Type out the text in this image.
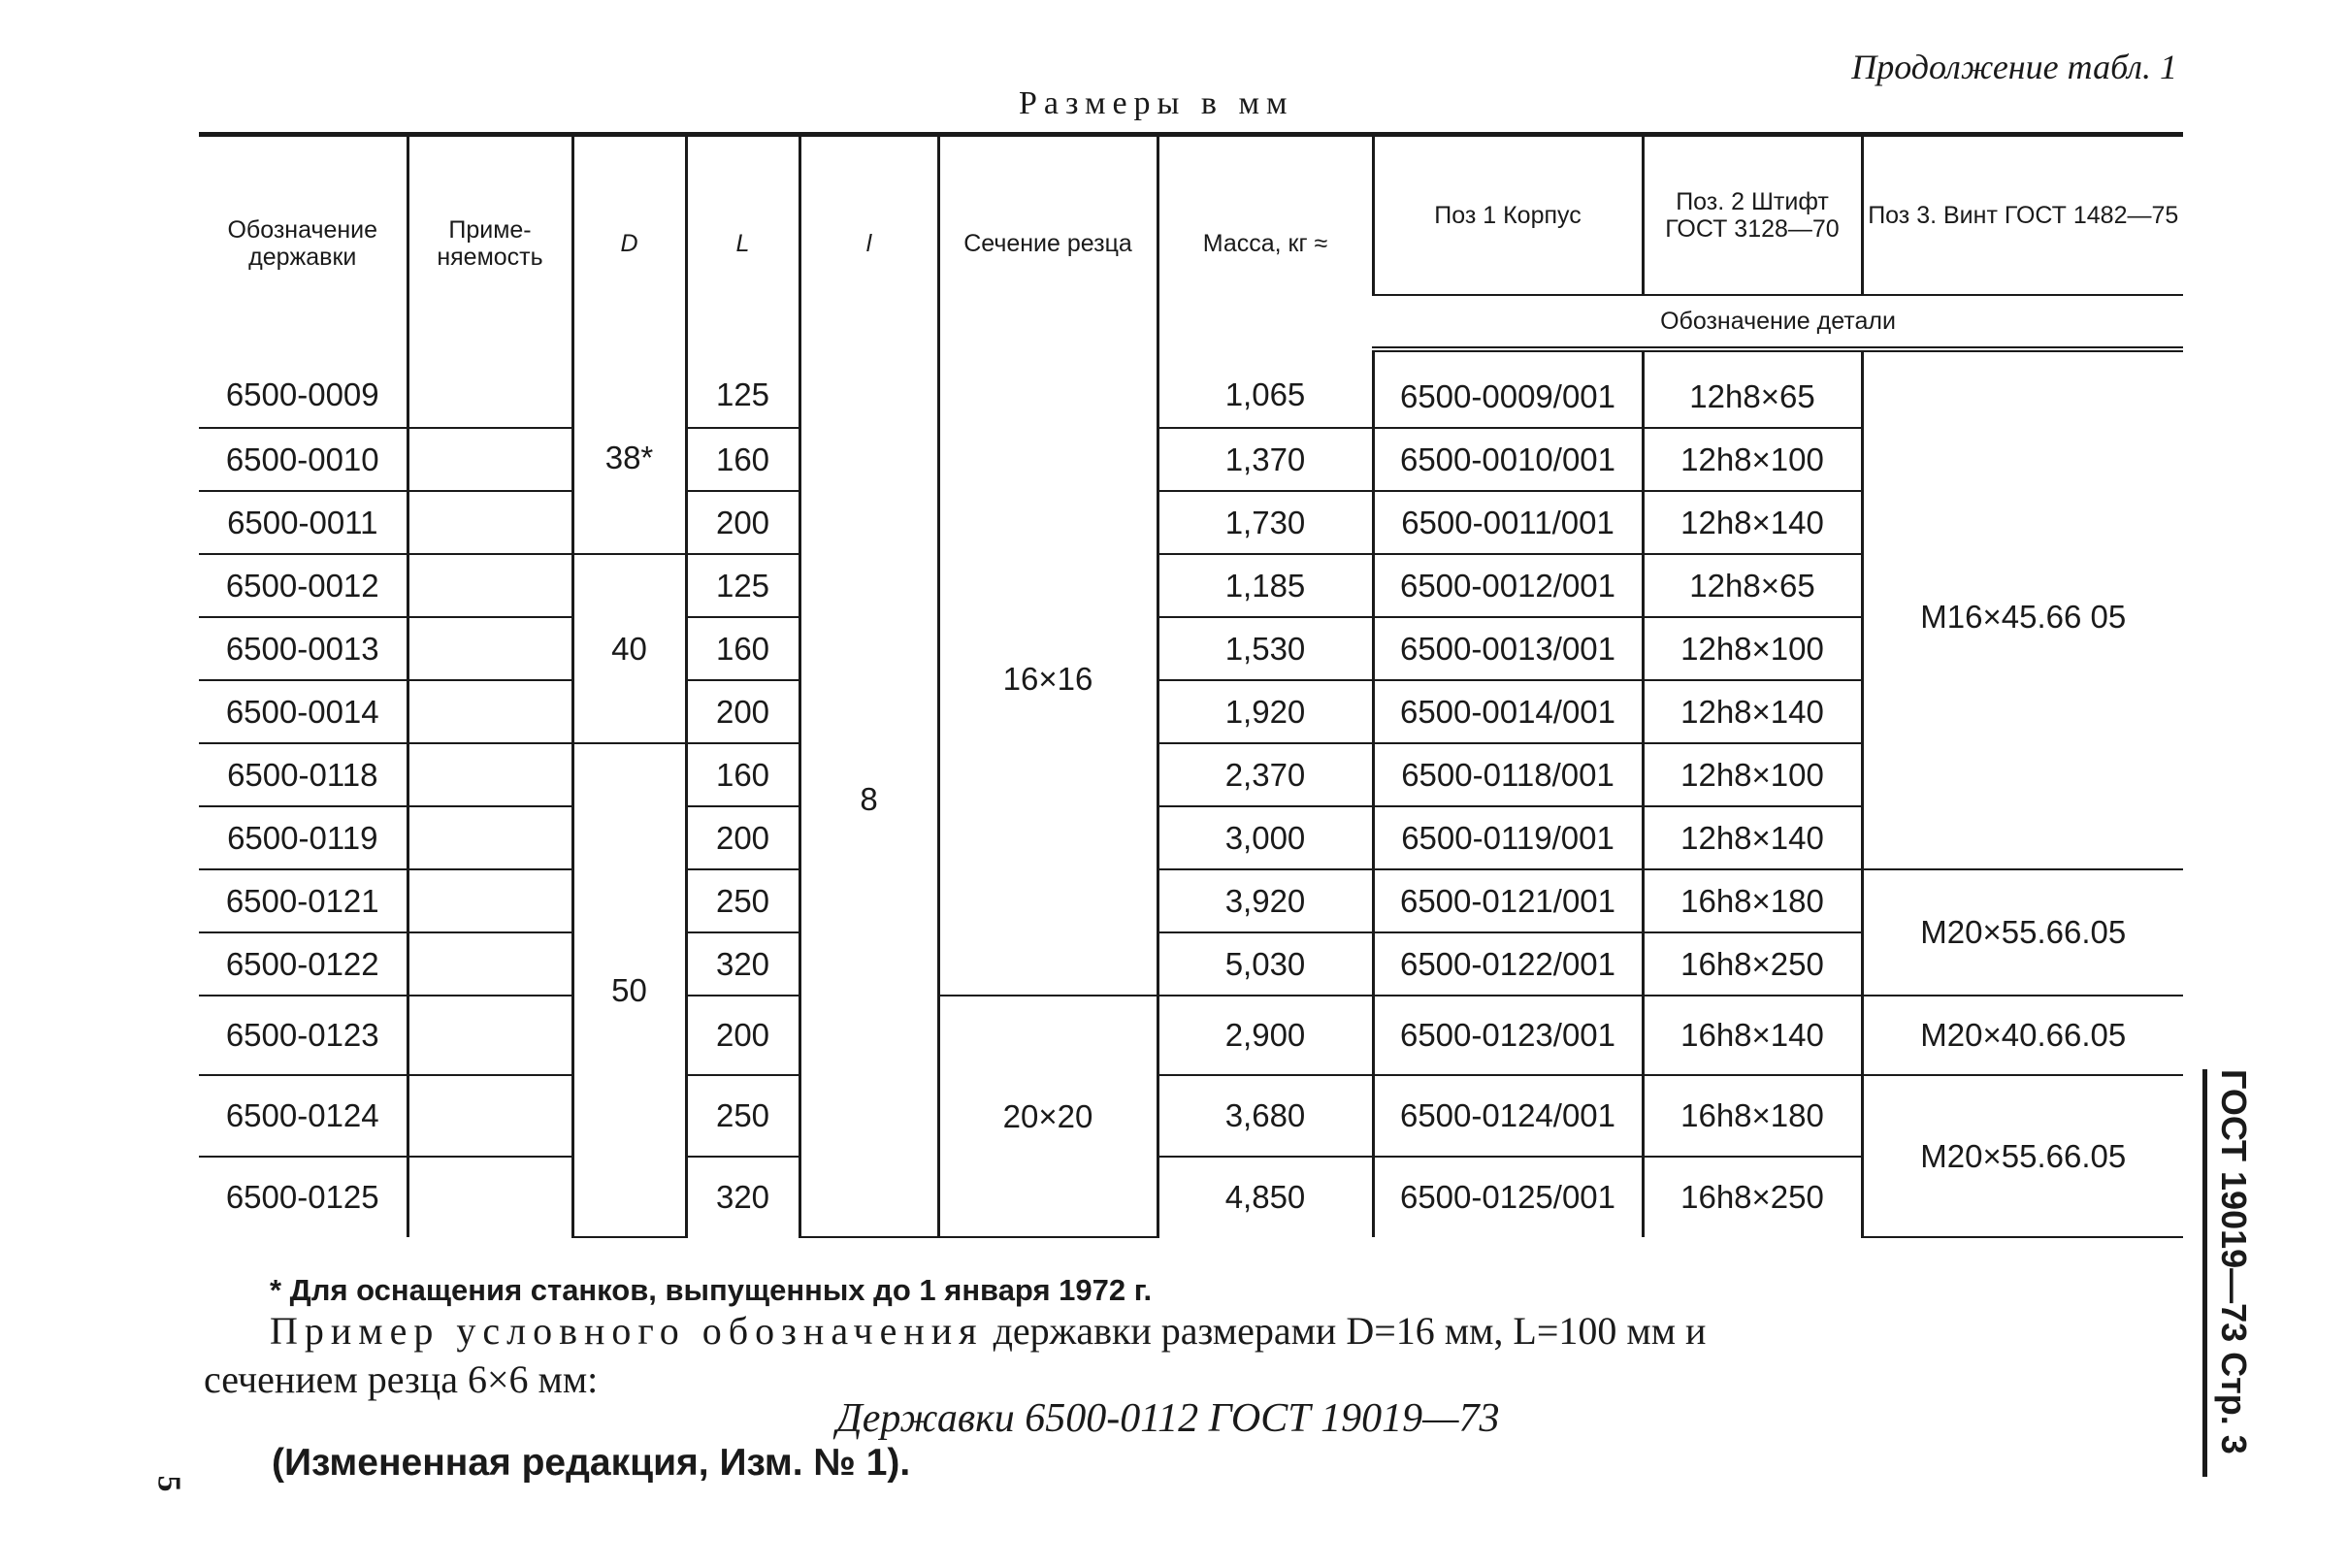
Продолжение табл. 1
Размеры в мм
Обозначение державки	Приме-няемость	D	L	l	Сечение резца	Масса, кг ≈	Поз 1 Корпус	Поз. 2 Штифт ГОСТ 3128—70	Поз 3. Винт ГОСТ 1482—75
							Обозначение детали		
6500-0009		38*	125	8	16×16	1,065	6500-0009/001	12h8×65	M16×45.66 05
6500-0010			160			1,370	6500-0010/001	12h8×100	
6500-0011			200			1,730	6500-0011/001	12h8×140	
6500-0012		40	125			1,185	6500-0012/001	12h8×65	
6500-0013			160			1,530	6500-0013/001	12h8×100	
6500-0014			200			1,920	6500-0014/001	12h8×140	
6500-0118		50	160			2,370	6500-0118/001	12h8×100	
6500-0119			200			3,000	6500-0119/001	12h8×140	
6500-0121			250			3,920	6500-0121/001	16h8×180	M20×55.66.05
6500-0122			320			5,030	6500-0122/001	16h8×250	
6500-0123			200		20×20	2,900	6500-0123/001	16h8×140	M20×40.66.05
6500-0124			250			3,680	6500-0124/001	16h8×180	M20×55.66.05
6500-0125			320			4,850	6500-0125/001	16h8×250	
* Для оснащения станков, выпущенных до 1 января 1972 г.
Пример условного обозначения державки размерами D=16 мм, L=100 мм и
сечением резца 6×6 мм:
Державки 6500-0112 ГОСТ 19019—73
(Измененная редакция, Изм. № 1).
ГОСТ 19019—73 Стр. 3
5
